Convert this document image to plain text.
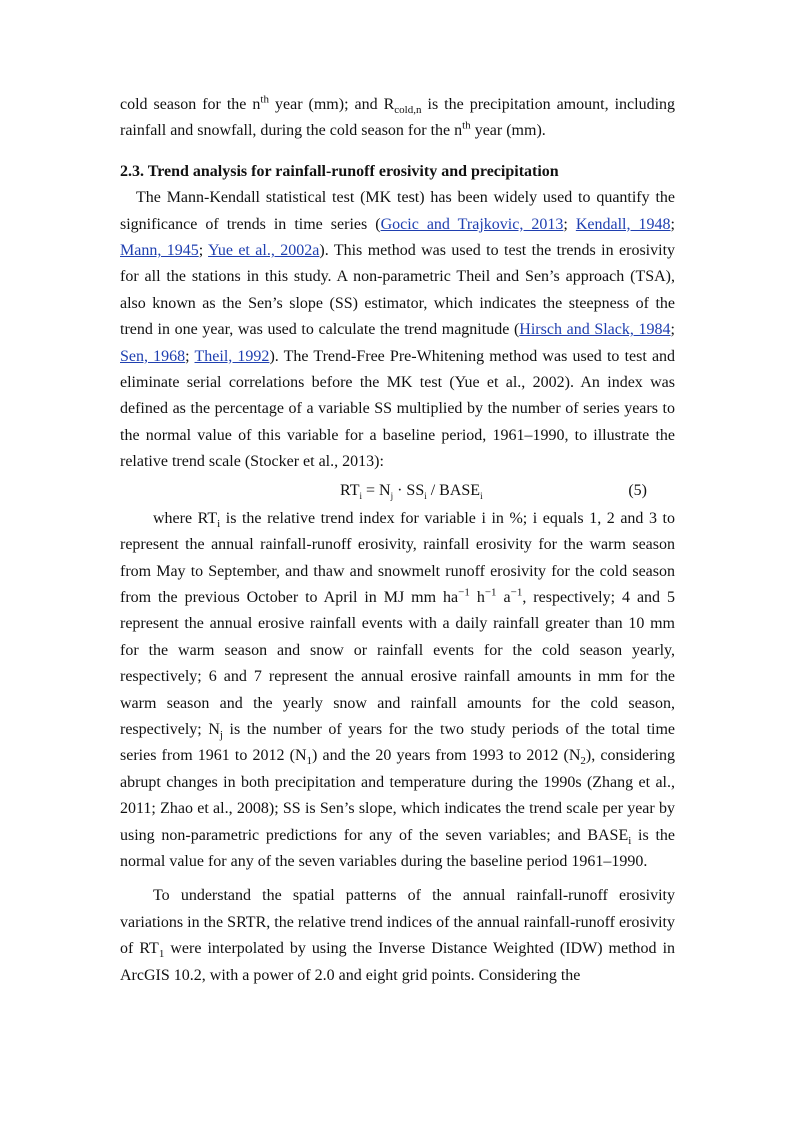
cold season for the $n^{th}$ year (mm); and $R_{cold,n}$ is the precipitation amount, including rainfall and snowfall, during the cold season for the $n^{th}$ year (mm).

2.3. Trend analysis for rainfall-runoff erosivity and precipitation

The Mann-Kendall statistical test (MK test) has been widely used to quantify the significance of trends in time series (Gocic and Trajkovic, 2013; Kendall, 1948; Mann, 1945; Yue et al., 2002a). This method was used to test the trends in erosivity for all the stations in this study. A non-parametric Theil and Sen’s approach (TSA), also known as the Sen’s slope (SS) estimator, which indicates the steepness of the trend in one year, was used to calculate the trend magnitude (Hirsch and Slack, 1984; Sen, 1968; Theil, 1992). The Trend-Free Pre-Whitening method was used to test and eliminate serial correlations before the MK test (Yue et al., 2002). An index was defined as the percentage of a variable SS multiplied by the number of series years to the normal value of this variable for a baseline period, 1961–1990, to illustrate the relative trend scale (Stocker et al., 2013):

$RT_i = N_j \cdot SS_i$ / $BASE_i$	(5)

where $RT_i$ is the relative trend index for variable i in %; i equals 1, 2 and 3 to represent the annual rainfall-runoff erosivity, rainfall erosivity for the warm season from May to September, and thaw and snowmelt runoff erosivity for the cold season from the previous October to April in MJ mm $ha^{-1}$ $h^{-1}$ $a^{-1}$, respectively; 4 and 5 represent the annual erosive rainfall events with a daily rainfall greater than 10 mm for the warm season and snow or rainfall events for the cold season yearly, respectively; 6 and 7 represent the annual erosive rainfall amounts in mm for the warm season and the yearly snow and rainfall amounts for the cold season, respectively; $N_j$ is the number of years for the two study periods of the total time series from 1961 to 2012 $(N_1)$ and the 20 years from 1993 to 2012 $(N_2)$, considering abrupt changes in both precipitation and temperature during the 1990s (Zhang et al., 2011; Zhao et al., 2008); SS is Sen’s slope, which indicates the trend scale per year by using non-parametric predictions for any of the seven variables; and $BASE_i$ is the normal value for any of the seven variables during the baseline period 1961–1990.

To understand the spatial patterns of the annual rainfall-runoff erosivity variations in the SRTR, the relative trend indices of the annual rainfall-runoff erosivity of $RT_1$ were interpolated by using the Inverse Distance Weighted (IDW) method in ArcGIS 10.2, with a power of 2.0 and eight grid points. Considering the
